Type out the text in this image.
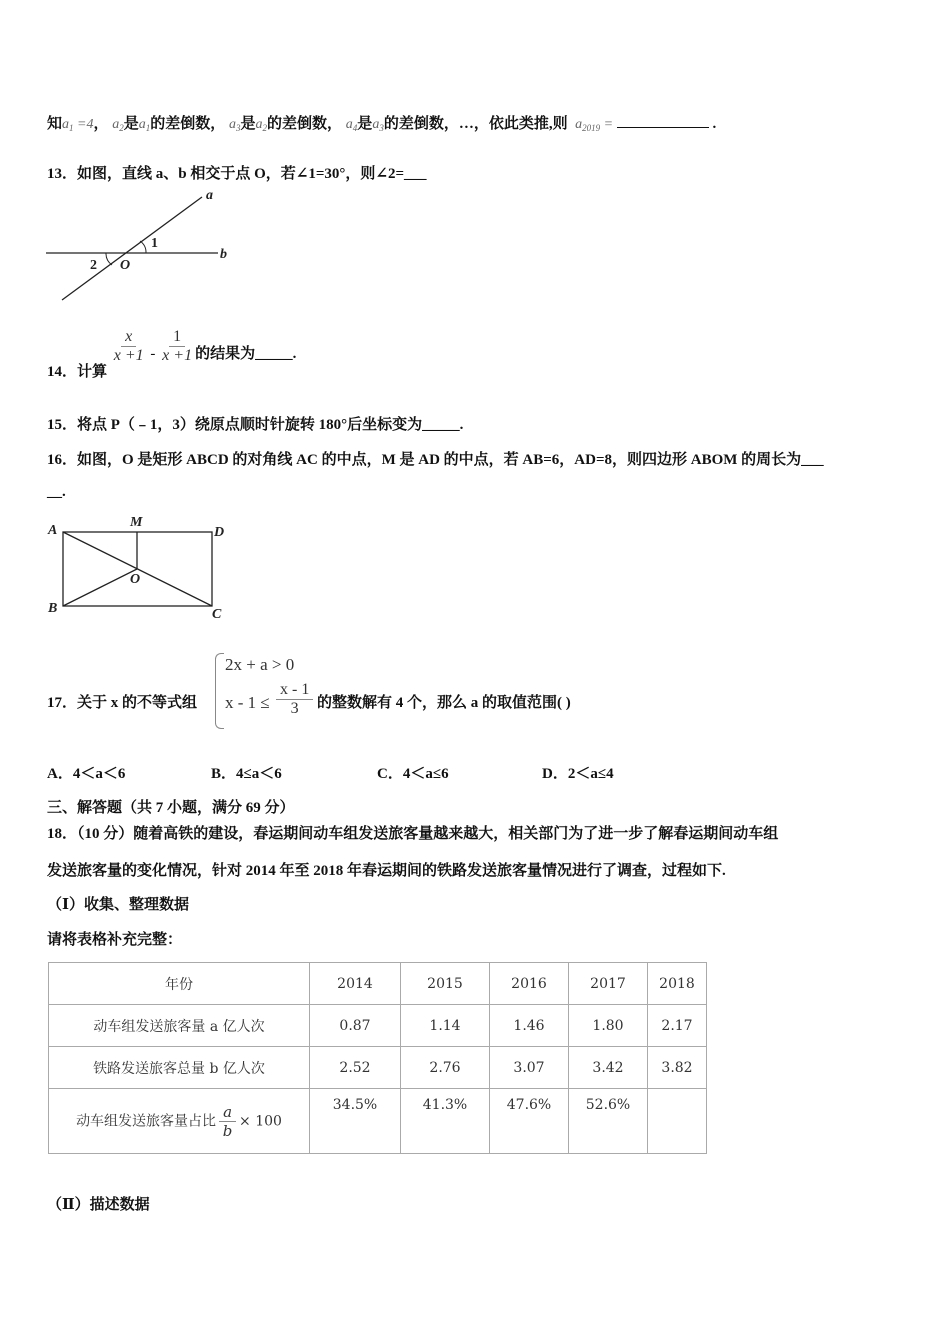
知$a_1 =4$， $a_2$是$a_1$的差倒数， $a_3$是$a_2$的差倒数， $a_4$是$a_3$的差倒数，…，依此类推,则 $a_{2019}$ =	.
13．如图，直线 a、b 相交于点 O，若∠1=30°，则∠2=___
a
b
1
2 O
14．计算
$\frac{x}{x +1} - \frac{1}{x +1}$ 的结果为_____.
15．将点 P（﹣1，3）绕原点顺时针旋转 180°后坐标变为_____.
16．如图，O 是矩形 ABCD 的对角线 AC 的中点，M 是 AD 的中点，若 AB=6，AD=8，则四边形 ABOM 的周长为___
__.
A
B	C
D
M
O
17．关于 x 的不等式组
2x + a > 0
$x - 1 \le \frac{x - 1}{3}$ 的整数解有 4 个，那么 a 的取值范围( )
A．4＜a＜6	B．4≤a＜6	C．4＜a≤6	D．2＜a≤4
三、解答题（共 7 小题，满分 69 分）
18．（10 分）随着高铁的建设，春运期间动车组发送旅客量越来越大，相关部门为了进一步了解春运期间动车组
发送旅客量的变化情况，针对 2014 年至 2018 年春运期间的铁路发送旅客量情况进行了调查，过程如下.
（Ⅰ）收集、整理数据
请将表格补充完整：
年份	2014	2015	2016	2017	2018
动车组发送旅客量 a 亿人次	0.87	1.14	1.46	1.80	2.17
铁路发送旅客总量 b 亿人次	2.52	2.76	3.07	3.42	3.82
动车组发送旅客量占比 $\frac{a}{b} \times 100$	34.5%	41.3%	47.6%	52.6%	
（Ⅱ）描述数据
